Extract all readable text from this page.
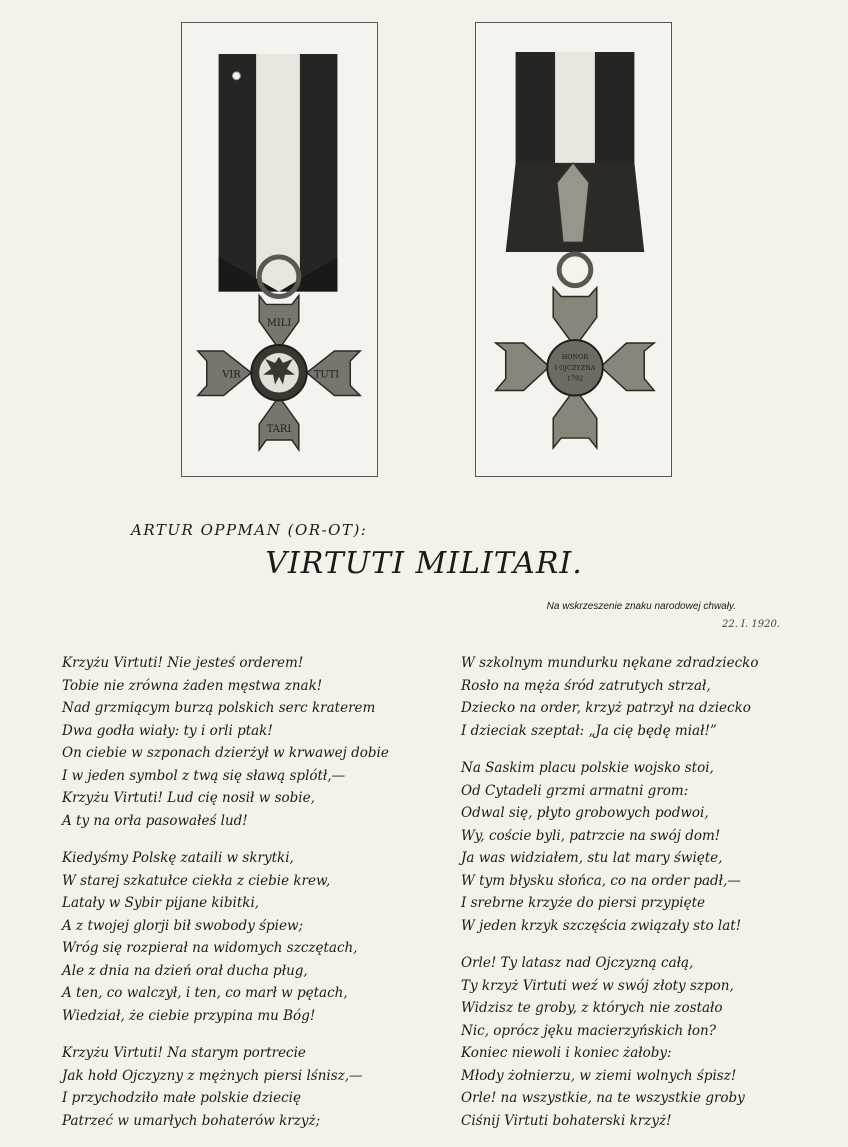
MILI
VIR	TUTI
TARI
HONOR
I OJCZYZNA
1792
ARTUR OPPMAN (OR-OT):
VIRTUTI MILITARI.
Na wskrzeszenie znaku narodowej chwały.
22. I. 1920.
Krzyżu Virtuti! Nie jesteś orderem!
Tobie nie zrówna żaden męstwa znak!
Nad grzmiącym burzą polskich serc kraterem
Dwa godła wiały: ty i orli ptak!
On ciebie w szponach dzierżył w krwawej dobie
I w jeden symbol z twą się sławą splótł,—
Krzyżu Virtuti! Lud cię nosił w sobie,
A ty na orła pasowałeś lud!
Kiedyśmy Polskę zataili w skrytki,
W starej szkatułce ciekła z ciebie krew,
Latały w Sybir pijane kibitki,
A z twojej glorji bił swobody śpiew;
Wróg się rozpierał na widomych szczętach,
Ale z dnia na dzień orał ducha pług,
A ten, co walczył, i ten, co marł w pętach,
Wiedział, że ciebie przypina mu Bóg!
Krzyżu Virtuti! Na starym portrecie
Jak hołd Ojczyzny z mężnych piersi lśnisz,—
I przychodziło małe polskie dziecię
Patrzeć w umarłych bohaterów krzyż;
W szkolnym mundurku nękane zdradziecko
Rosło na męża śród zatrutych strzał,
Dziecko na order, krzyż patrzył na dziecko
I dzieciak szeptał: „Ja cię będę miał!”
Na Saskim placu polskie wojsko stoi,
Od Cytadeli grzmi armatni grom:
Odwal się, płyto grobowych podwoi,
Wy, coście byli, patrzcie na swój dom!
Ja was widziałem, stu lat mary święte,
W tym błysku słońca, co na order padł,—
I srebrne krzyże do piersi przypięte
W jeden krzyk szczęścia związały sto lat!
Orle! Ty latasz nad Ojczyzną całą,
Ty krzyż Virtuti weź w swój złoty szpon,
Widzisz te groby, z których nie zostało
Nic, oprócz jęku macierzyńskich łon?
Koniec niewoli i koniec żałoby:
Młody żołnierzu, w ziemi wolnych śpisz!
Orle! na wszystkie, na te wszystkie groby
Ciśnij Virtuti bohaterski krzyż!
